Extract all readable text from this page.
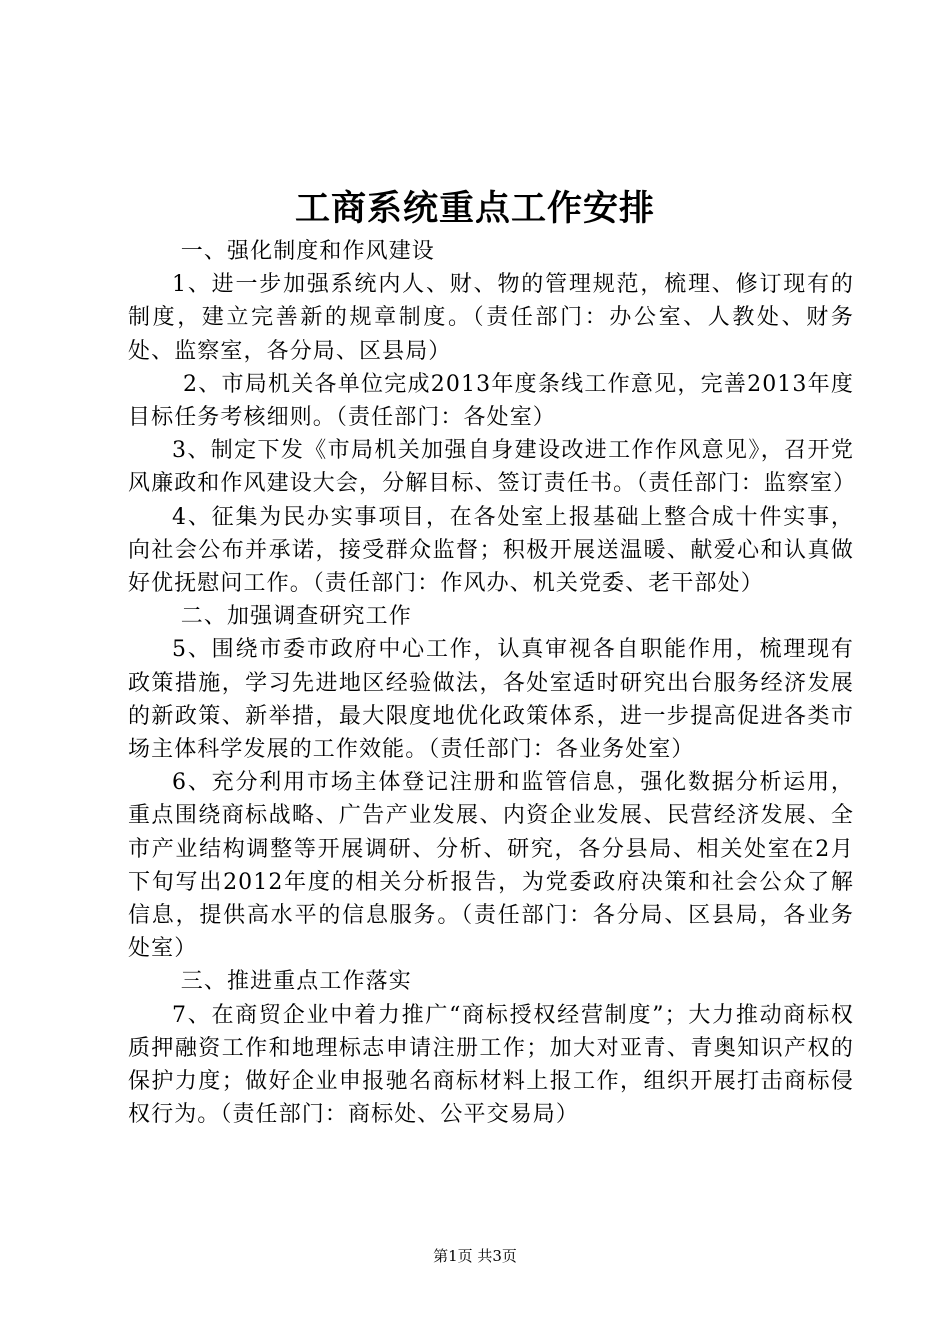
工商系统重点工作安排

一、强化制度和作风建设

1、进一步加强系统内人、财、物的管理规范，梳理、修订现有的制度，建立完善新的规章制度。（责任部门：办公室、人教处、财务处、监察室，各分局、区县局）

2、市局机关各单位完成2013年度条线工作意见，完善2013年度目标任务考核细则。（责任部门：各处室）

3、制定下发《市局机关加强自身建设改进工作作风意见》，召开党风廉政和作风建设大会，分解目标、签订责任书。（责任部门：监察室）

4、征集为民办实事项目，在各处室上报基础上整合成十件实事，向社会公布并承诺，接受群众监督；积极开展送温暖、献爱心和认真做好优抚慰问工作。（责任部门：作风办、机关党委、老干部处）

二、加强调查研究工作

5、围绕市委市政府中心工作，认真审视各自职能作用，梳理现有政策措施，学习先进地区经验做法，各处室适时研究出台服务经济发展的新政策、新举措，最大限度地优化政策体系，进一步提高促进各类市场主体科学发展的工作效能。（责任部门：各业务处室）

6、充分利用市场主体登记注册和监管信息，强化数据分析运用，重点围绕商标战略、广告产业发展、内资企业发展、民营经济发展、全市产业结构调整等开展调研、分析、研究，各分县局、相关处室在2月下旬写出2012年度的相关分析报告，为党委政府决策和社会公众了解信息，提供高水平的信息服务。（责任部门：各分局、区县局，各业务处室）

三、推进重点工作落实

7、在商贸企业中着力推广“商标授权经营制度”；大力推动商标权质押融资工作和地理标志申请注册工作；加大对亚青、青奥知识产权的保护力度；做好企业申报驰名商标材料上报工作，组织开展打击商标侵权行为。（责任部门：商标处、公平交易局）

第1页 共3页
